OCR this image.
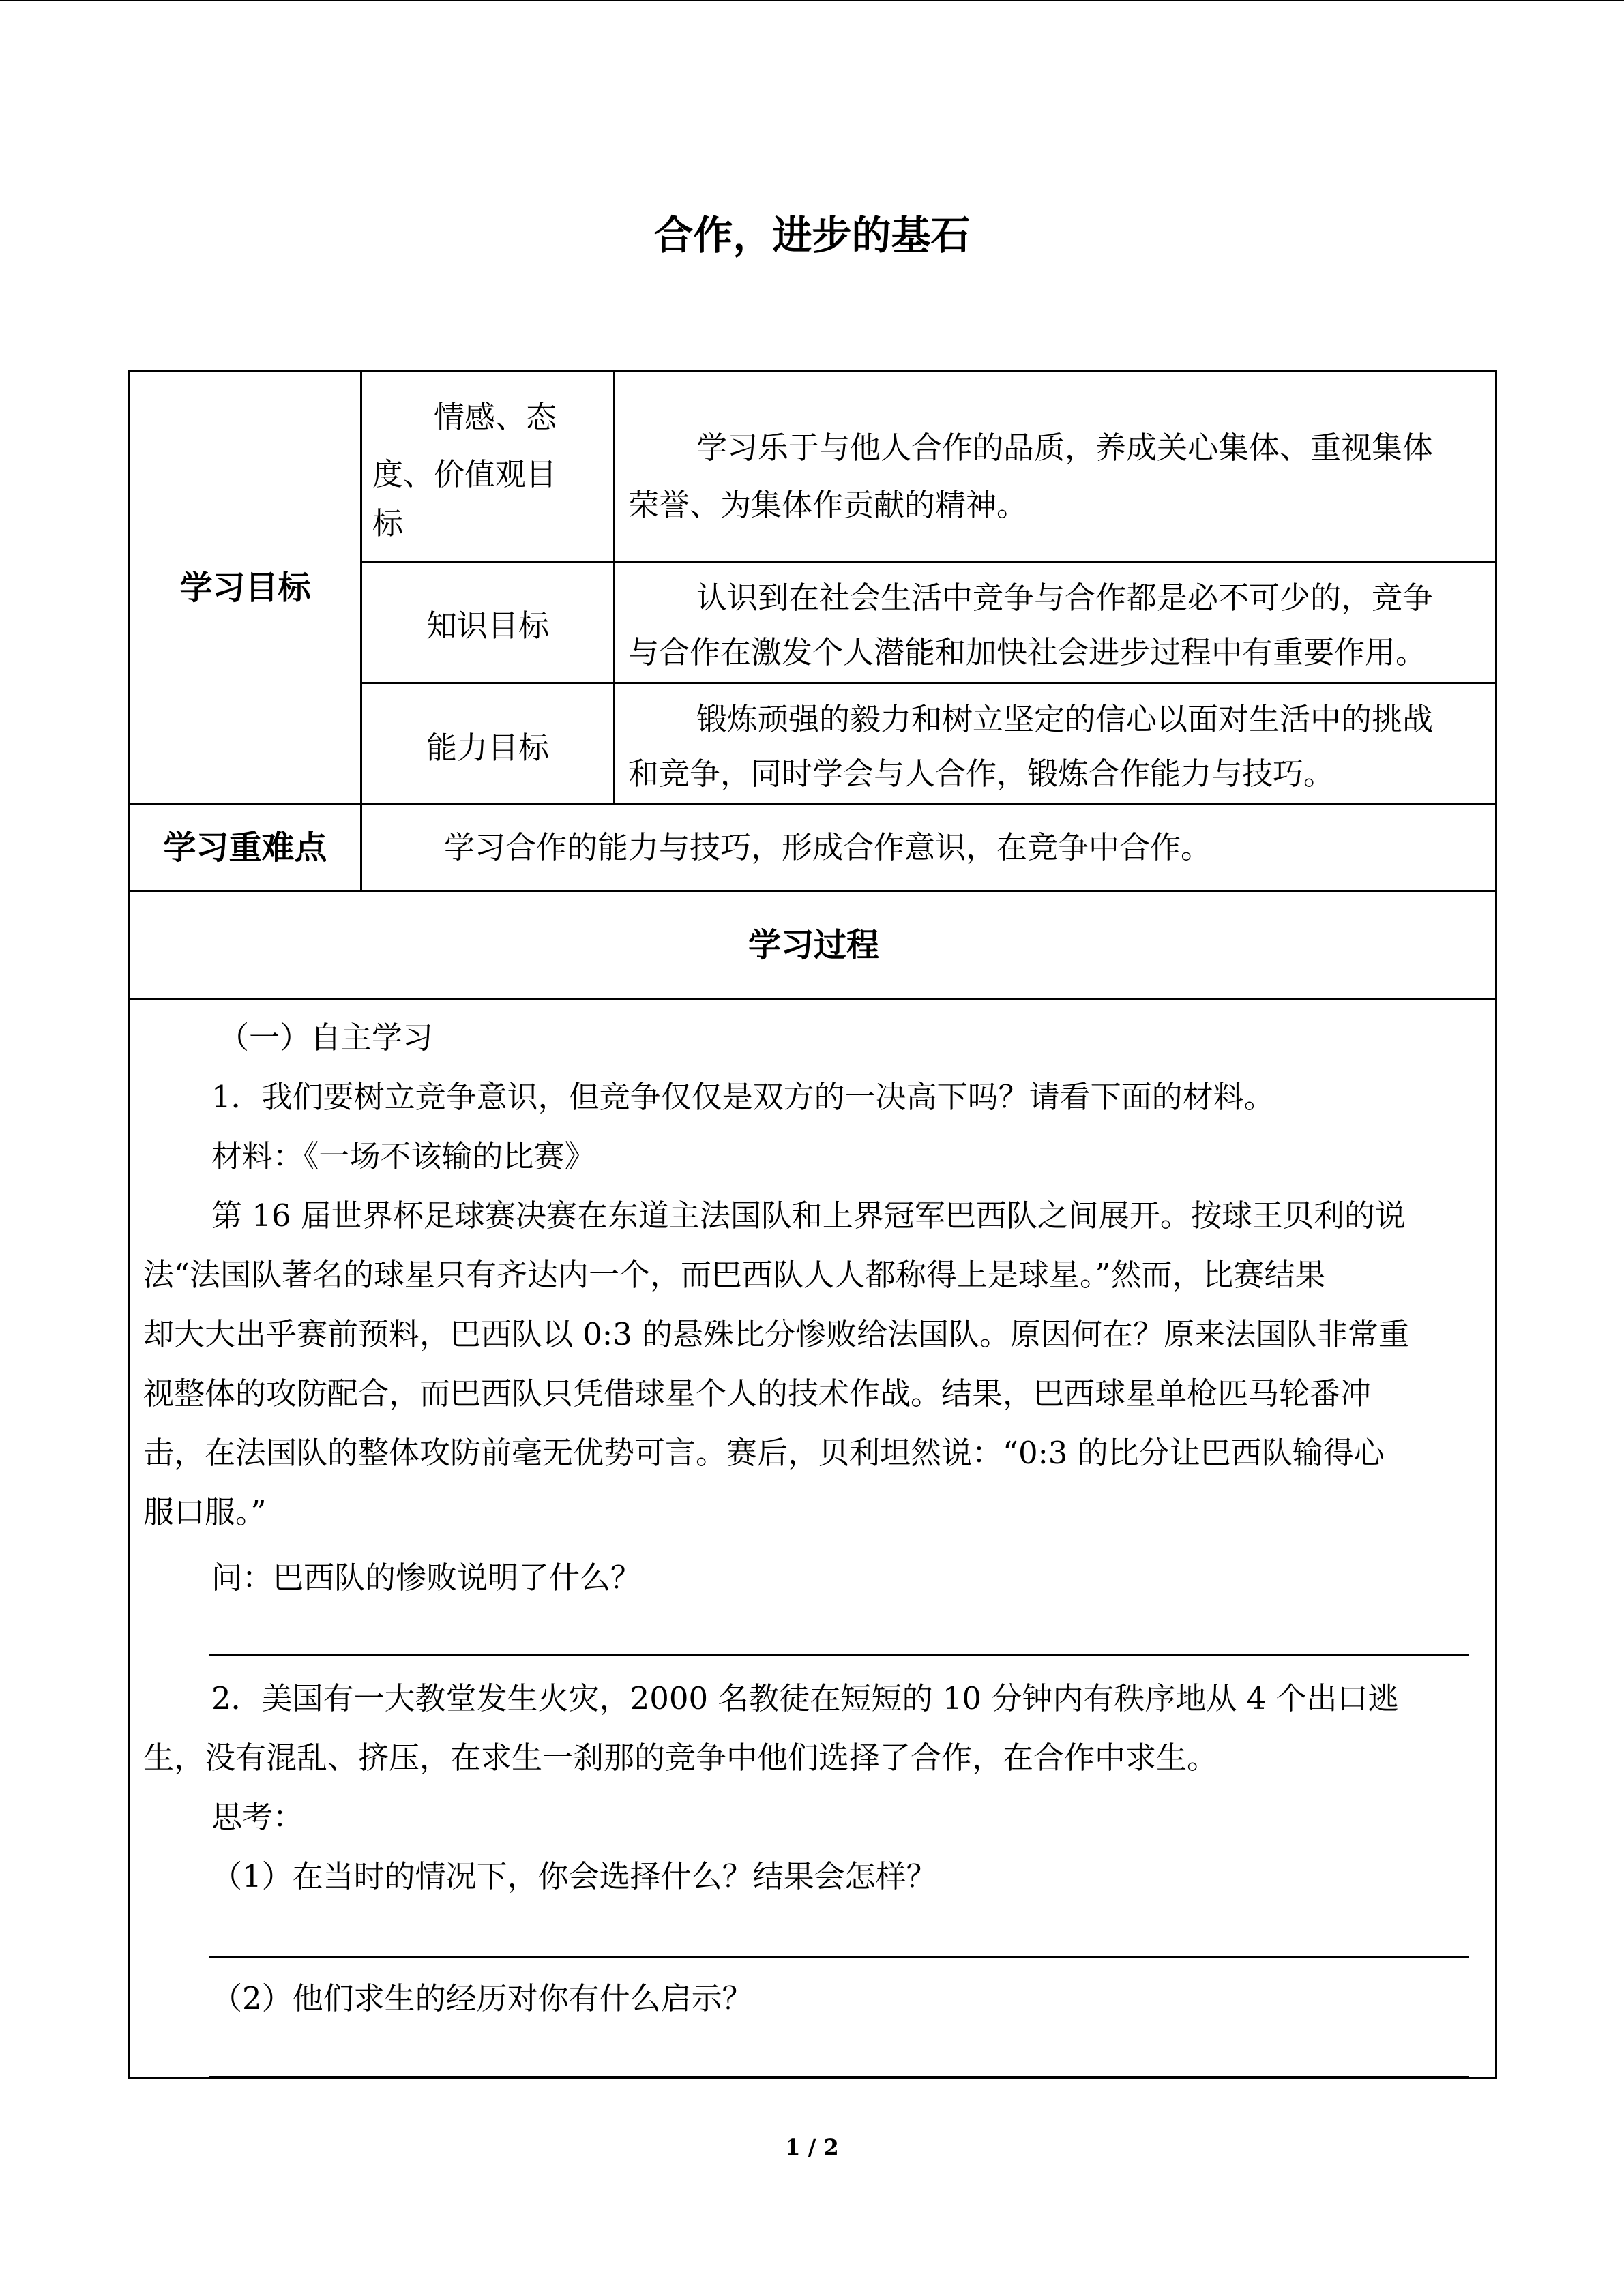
合作，进步的基石
学习目标
情感、态
度、价值观目
标
学习乐于与他人合作的品质，养成关心集体、重视集体
荣誉、为集体作贡献的精神。
知识目标
认识到在社会生活中竞争与合作都是必不可少的，竞争
与合作在激发个人潜能和加快社会进步过程中有重要作用。
能力目标
锻炼顽强的毅力和树立坚定的信心以面对生活中的挑战
和竞争，同时学会与人合作，锻炼合作能力与技巧。
学习重难点	学习合作的能力与技巧，形成合作意识，在竞争中合作。
学习过程
（一）自主学习
1．我们要树立竞争意识，但竞争仅仅是双方的一决高下吗？请看下面的材料。
材料：《一场不该输的比赛》
第 16 届世界杯足球赛决赛在东道主法国队和上界冠军巴西队之间展开。按球王贝利的说
法“法国队著名的球星只有齐达内一个，而巴西队人人都称得上是球星。”然而，比赛结果
却大大出乎赛前预料，巴西队以 0:3 的悬殊比分惨败给法国队。原因何在？原来法国队非常重
视整体的攻防配合，而巴西队只凭借球星个人的技术作战。结果，巴西球星单枪匹马轮番冲
击，在法国队的整体攻防前毫无优势可言。赛后，贝利坦然说：“0:3 的比分让巴西队输得心
服口服。”
问：巴西队的惨败说明了什么？
2．美国有一大教堂发生火灾，2000 名教徒在短短的 10 分钟内有秩序地从 4 个出口逃
生，没有混乱、挤压，在求生一刹那的竞争中他们选择了合作，在合作中求生。
思考：
（1）在当时的情况下，你会选择什么？结果会怎样？
（2）他们求生的经历对你有什么启示？
1 / 2
